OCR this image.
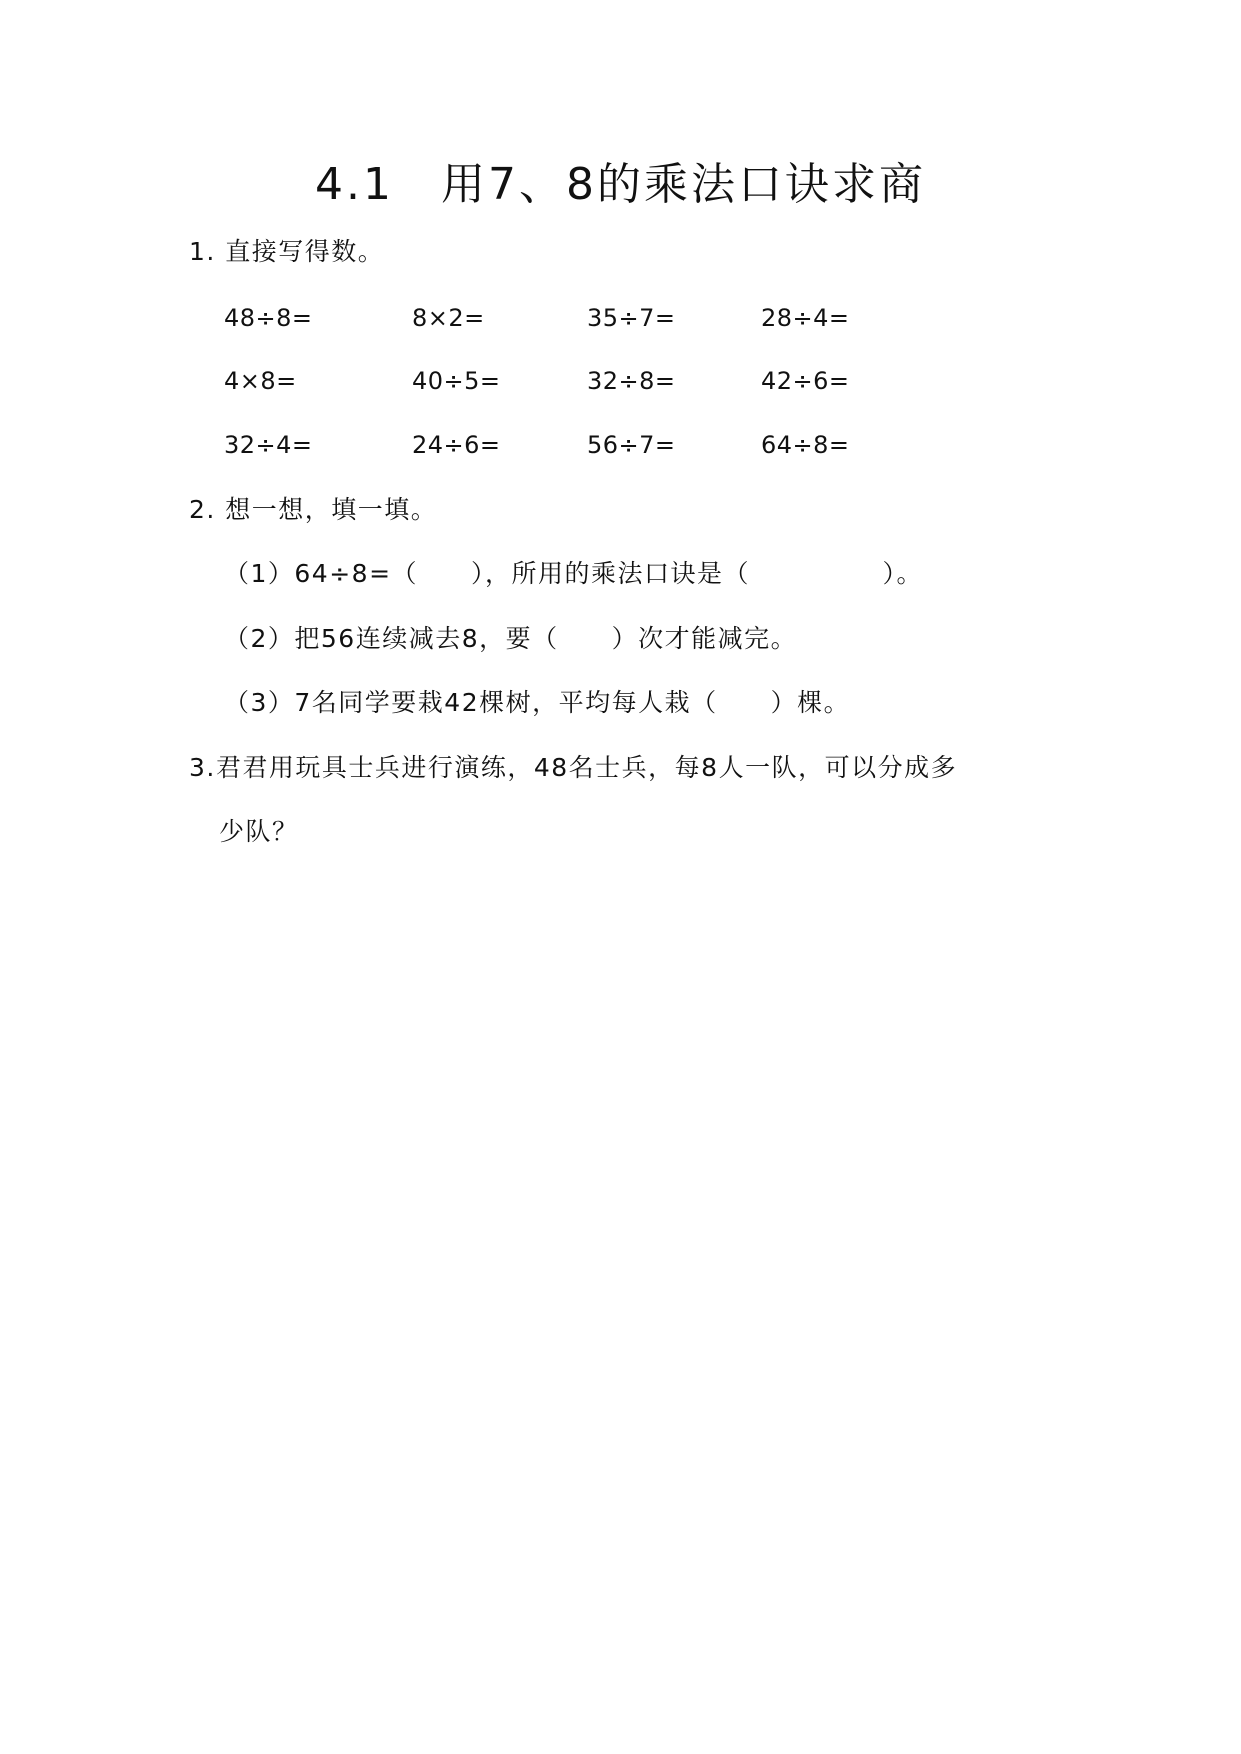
4.1　用7、8的乘法口诀求商
1. 直接写得数。
48÷8=	8×2=	35÷7=	28÷4=
4×8=	40÷5=	32÷8=	42÷6=
32÷4=	24÷6=	56÷7=	64÷8=
2. 想一想，填一填。
（1）64÷8=（　　），所用的乘法口诀是（　　　　　）。
（2）把56连续减去8，要（　　）次才能减完。
（3）7名同学要栽42棵树，平均每人栽（　　）棵。
3.君君用玩具士兵进行演练，48名士兵，每8人一队，可以分成多
少队？
